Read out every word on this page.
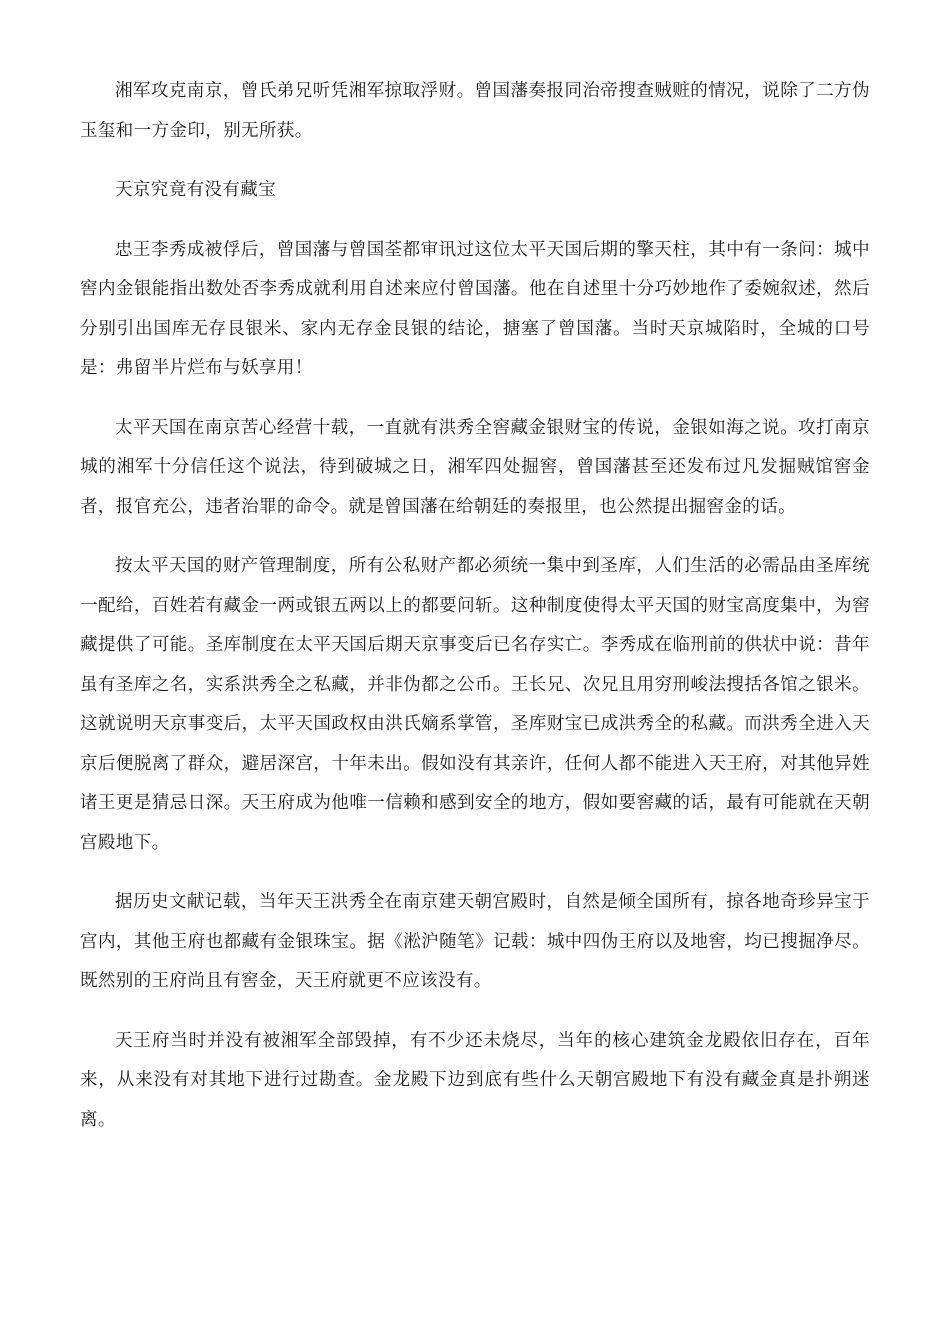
湘军攻克南京，曾氏弟兄听凭湘军掠取浮财。曾国藩奏报同治帝搜查贼赃的情况，说除了二方伪玉玺和一方金印，别无所获。

天京究竟有没有藏宝

忠王李秀成被俘后，曾国藩与曾国荃都审讯过这位太平天国后期的擎天柱，其中有一条问：城中窖内金银能指出数处否李秀成就利用自述来应付曾国藩。他在自述里十分巧妙地作了委婉叙述，然后分别引出国库无存艮银米、家内无存金艮银的结论，搪塞了曾国藩。当时天京城陷时，全城的口号是：弗留半片烂布与妖享用！

太平天国在南京苦心经营十载，一直就有洪秀全窖藏金银财宝的传说，金银如海之说。攻打南京城的湘军十分信任这个说法，待到破城之日，湘军四处掘窖，曾国藩甚至还发布过凡发掘贼馆窖金者，报官充公，违者治罪的命令。就是曾国藩在给朝廷的奏报里，也公然提出掘窖金的话。

按太平天国的财产管理制度，所有公私财产都必须统一集中到圣库，人们生活的必需品由圣库统一配给，百姓若有藏金一两或银五两以上的都要问斩。这种制度使得太平天国的财宝高度集中，为窖藏提供了可能。圣库制度在太平天国后期天京事变后已名存实亡。李秀成在临刑前的供状中说：昔年虽有圣库之名，实系洪秀全之私藏，并非伪都之公币。王长兄、次兄且用穷刑峻法搜括各馆之银米。这就说明天京事变后，太平天国政权由洪氏嫡系掌管，圣库财宝已成洪秀全的私藏。而洪秀全进入天京后便脱离了群众，避居深宫，十年未出。假如没有其亲许，任何人都不能进入天王府，对其他异姓诸王更是猜忌日深。天王府成为他唯一信赖和感到安全的地方，假如要窖藏的话，最有可能就在天朝宫殿地下。

据历史文献记载，当年天王洪秀全在南京建天朝宫殿时，自然是倾全国所有，掠各地奇珍异宝于宫内，其他王府也都藏有金银珠宝。据《淞沪随笔》记载：城中四伪王府以及地窖，均已搜掘净尽。既然别的王府尚且有窖金，天王府就更不应该没有。

天王府当时并没有被湘军全部毁掉，有不少还未烧尽，当年的核心建筑金龙殿依旧存在，百年来，从来没有对其地下进行过勘查。金龙殿下边到底有些什么天朝宫殿地下有没有藏金真是扑朔迷离。
